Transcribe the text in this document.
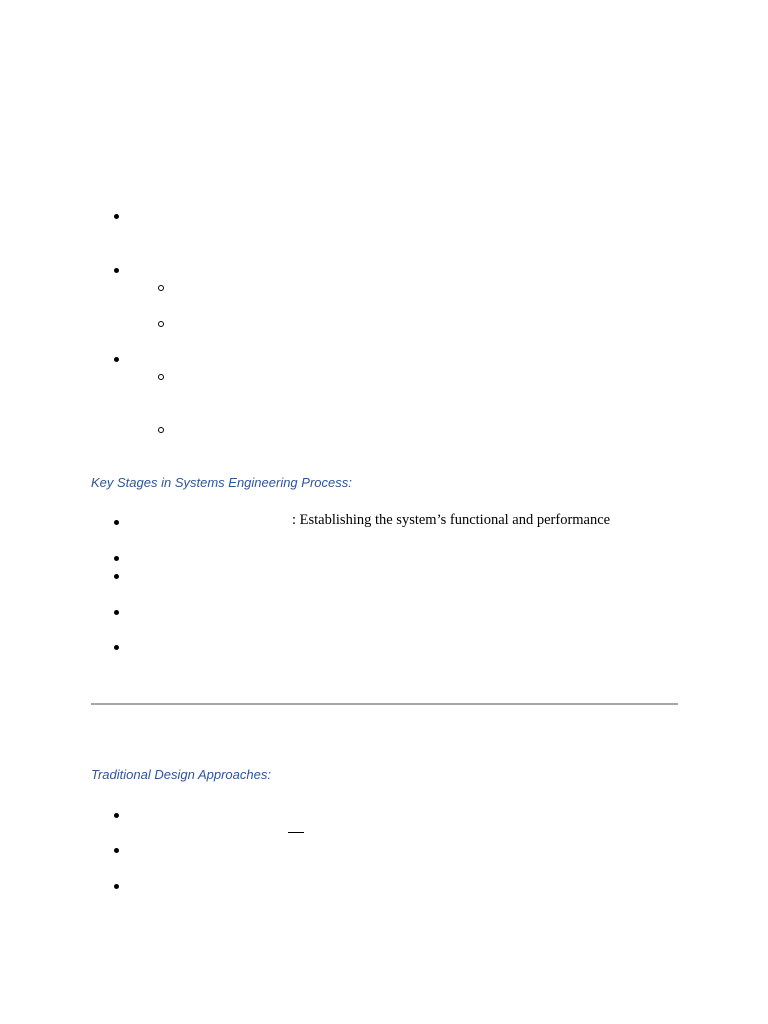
Key Stages in Systems Engineering Process:
: Establishing the system’s functional and performance
Traditional Design Approaches:
